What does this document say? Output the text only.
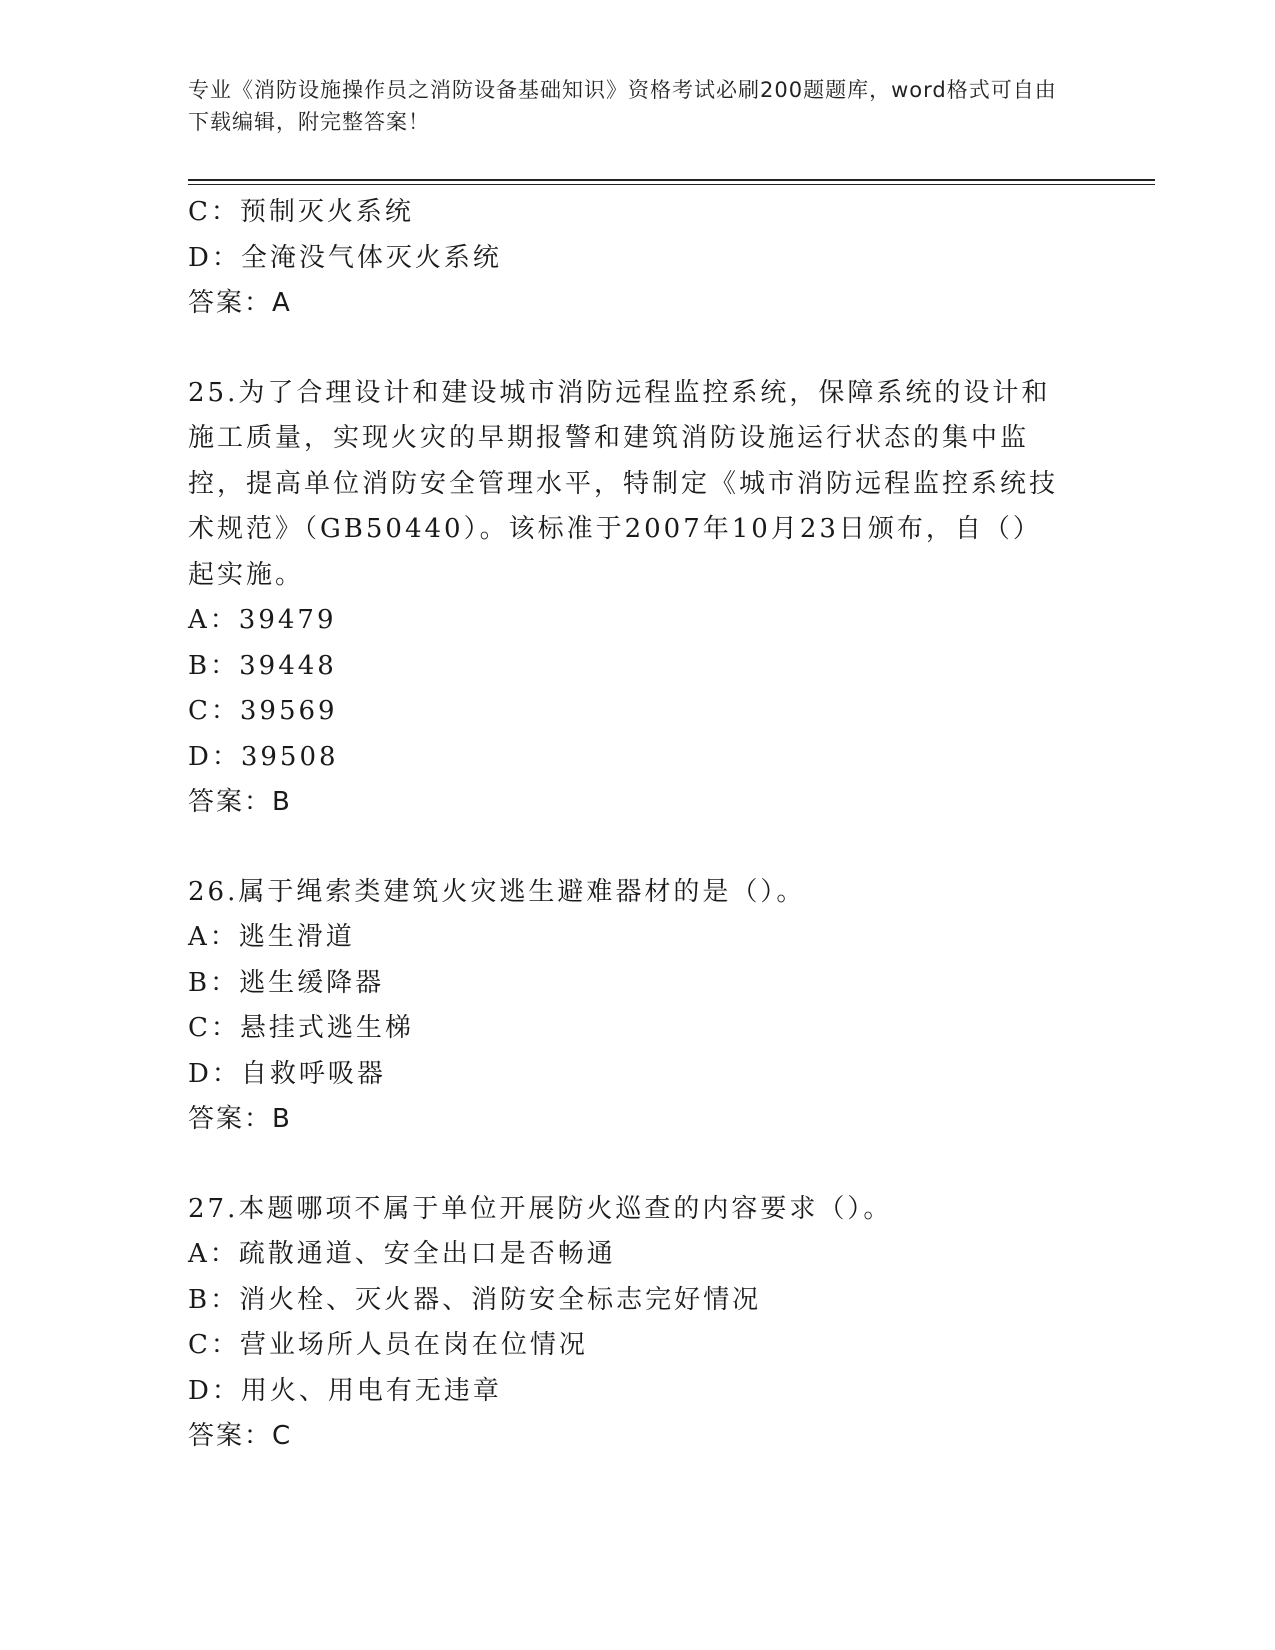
专业《消防设施操作员之消防设备基础知识》资格考试必刷200题题库，word格式可自由下载编辑，附完整答案！
C：预制灭火系统
D：全淹没气体灭火系统
答案：A
25.为了合理设计和建设城市消防远程监控系统，保障系统的设计和施工质量，实现火灾的早期报警和建筑消防设施运行状态的集中监控，提高单位消防安全管理水平，特制定《城市消防远程监控系统技术规范》（GB50440）。该标准于2007年10月23日颁布，自（）起实施。
A：39479
B：39448
C：39569
D：39508
答案：B
26.属于绳索类建筑火灾逃生避难器材的是（）。
A：逃生滑道
B：逃生缓降器
C：悬挂式逃生梯
D：自救呼吸器
答案：B
27.本题哪项不属于单位开展防火巡查的内容要求（）。
A：疏散通道、安全出口是否畅通
B：消火栓、灭火器、消防安全标志完好情况
C：营业场所人员在岗在位情况
D：用火、用电有无违章
答案：C
